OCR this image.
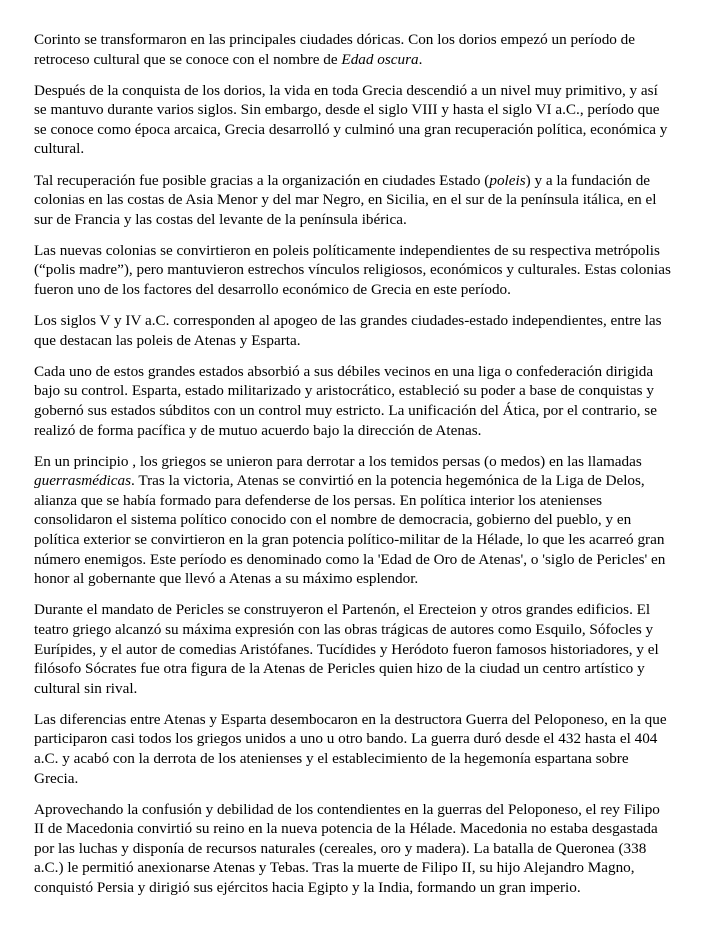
Corinto se transformaron en las principales ciudades dóricas. Con los dorios empezó un período de
retroceso cultural que se conoce con el nombre de Edad oscura.

Después de la conquista de los dorios, la vida en toda Grecia descendió a un nivel muy primitivo, y así
se mantuvo durante varios siglos. Sin embargo, desde el siglo VIII y hasta el siglo VI a.C., período que
se conoce como época arcaica, Grecia desarrolló y culminó una gran recuperación política, económica y
cultural.

Tal recuperación fue posible gracias a la organización en ciudades Estado (poleis) y a la fundación de
colonias en las costas de Asia Menor y del mar Negro, en Sicilia, en el sur de la península itálica, en el
sur de Francia y las costas del levante de la península ibérica.

Las nuevas colonias se convirtieron en poleis políticamente independientes de su respectiva metrópolis
(“polis madre”), pero mantuvieron estrechos vínculos religiosos, económicos y culturales. Estas colonias
fueron uno de los factores del desarrollo económico de Grecia en este período.

Los siglos V y IV a.C. corresponden al apogeo de las grandes ciudades-estado independientes, entre las
que destacan las poleis de Atenas y Esparta.

Cada uno de estos grandes estados absorbió a sus débiles vecinos en una liga o confederación dirigida
bajo su control. Esparta, estado militarizado y aristocrático, estableció su poder a base de conquistas y
gobernó sus estados súbditos con un control muy estricto. La unificación del Ática, por el contrario, se
realizó de forma pacífica y de mutuo acuerdo bajo la dirección de Atenas.

En un principio , los griegos se unieron para derrotar a los temidos persas (o medos) en las llamadas
guerrasmédicas. Tras la victoria, Atenas se convirtió en la potencia hegemónica de la Liga de Delos,
alianza que se había formado para defenderse de los persas. En política interior los atenienses
consolidaron el sistema político conocido con el nombre de democracia, gobierno del pueblo, y en
política exterior se convirtieron en la gran potencia político-militar de la Hélade, lo que les acarreó gran
número enemigos. Este período es denominado como la 'Edad de Oro de Atenas', o 'siglo de Pericles' en
honor al gobernante que llevó a Atenas a su máximo esplendor.

Durante el mandato de Pericles se construyeron el Partenón, el Erecteion y otros grandes edificios. El
teatro griego alcanzó su máxima expresión con las obras trágicas de autores como Esquilo, Sófocles y
Eurípides, y el autor de comedias Aristófanes. Tucídides y Heródoto fueron famosos historiadores, y el
filósofo Sócrates fue otra figura de la Atenas de Pericles quien hizo de la ciudad un centro artístico y
cultural sin rival.

Las diferencias entre Atenas y Esparta desembocaron en la destructora Guerra del Peloponeso, en la que
participaron casi todos los griegos unidos a uno u otro bando. La guerra duró desde el 432 hasta el 404
a.C. y acabó con la derrota de los atenienses y el establecimiento de la hegemonía espartana sobre
Grecia.

Aprovechando la confusión y debilidad de los contendientes en la guerras del Peloponeso, el rey Filipo
II de Macedonia convirtió su reino en la nueva potencia de la Hélade. Macedonia no estaba desgastada
por las luchas y disponía de recursos naturales (cereales, oro y madera). La batalla de Queronea (338
a.C.) le permitió anexionarse Atenas y Tebas. Tras la muerte de Filipo II, su hijo Alejandro Magno,
conquistó Persia y dirigió sus ejércitos hacia Egipto y la India, formando un gran imperio.
